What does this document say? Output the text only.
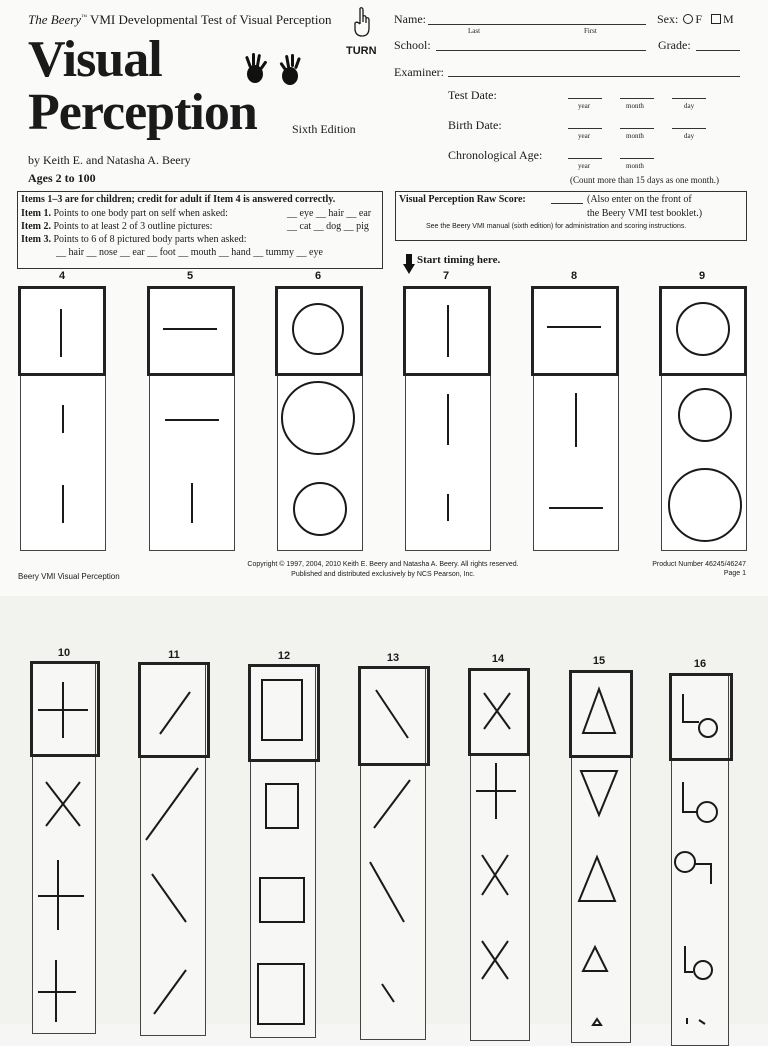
The Beery™ VMI Developmental Test of Visual Perception
Visual
Perception	Sixth Edition
by Keith E. and Natasha A. Beery
Ages 2 to 100
TURN
Name:
Last	First
Sex: F M
School:	Grade:
Examiner:
Test Date:
year	month	day
Birth Date:
year	month	day
Chronological Age:
year	month
(Count more than 15 days as one month.)
Items 1–3 are for children; credit for adult if Item 4 is answered correctly.
Item 1. Points to one body part on self when asked:	__ eye __ hair __ ear
Item 2. Points to at least 2 of 3 outline pictures:	__ cat __ dog __ pig
Item 3. Points to 6 of 8 pictured body parts when asked:
__ hair __ nose __ ear __ foot __ mouth __ hand __ tummy __ eye
Visual Perception Raw Score:	(Also enter on the front of
the Beery VMI test booklet.)
See the Beery VMI manual (sixth edition) for administration and scoring instructions.
Start timing here.
4	5	6	7	8	9
Beery VMI Visual Perception
Copyright © 1997, 2004, 2010 Keith E. Beery and Natasha A. Beery. All rights reserved.
Published and distributed exclusively by NCS Pearson, Inc.
Product Number 46245/46247
Page 1
10	11	12	13	14	15	16
